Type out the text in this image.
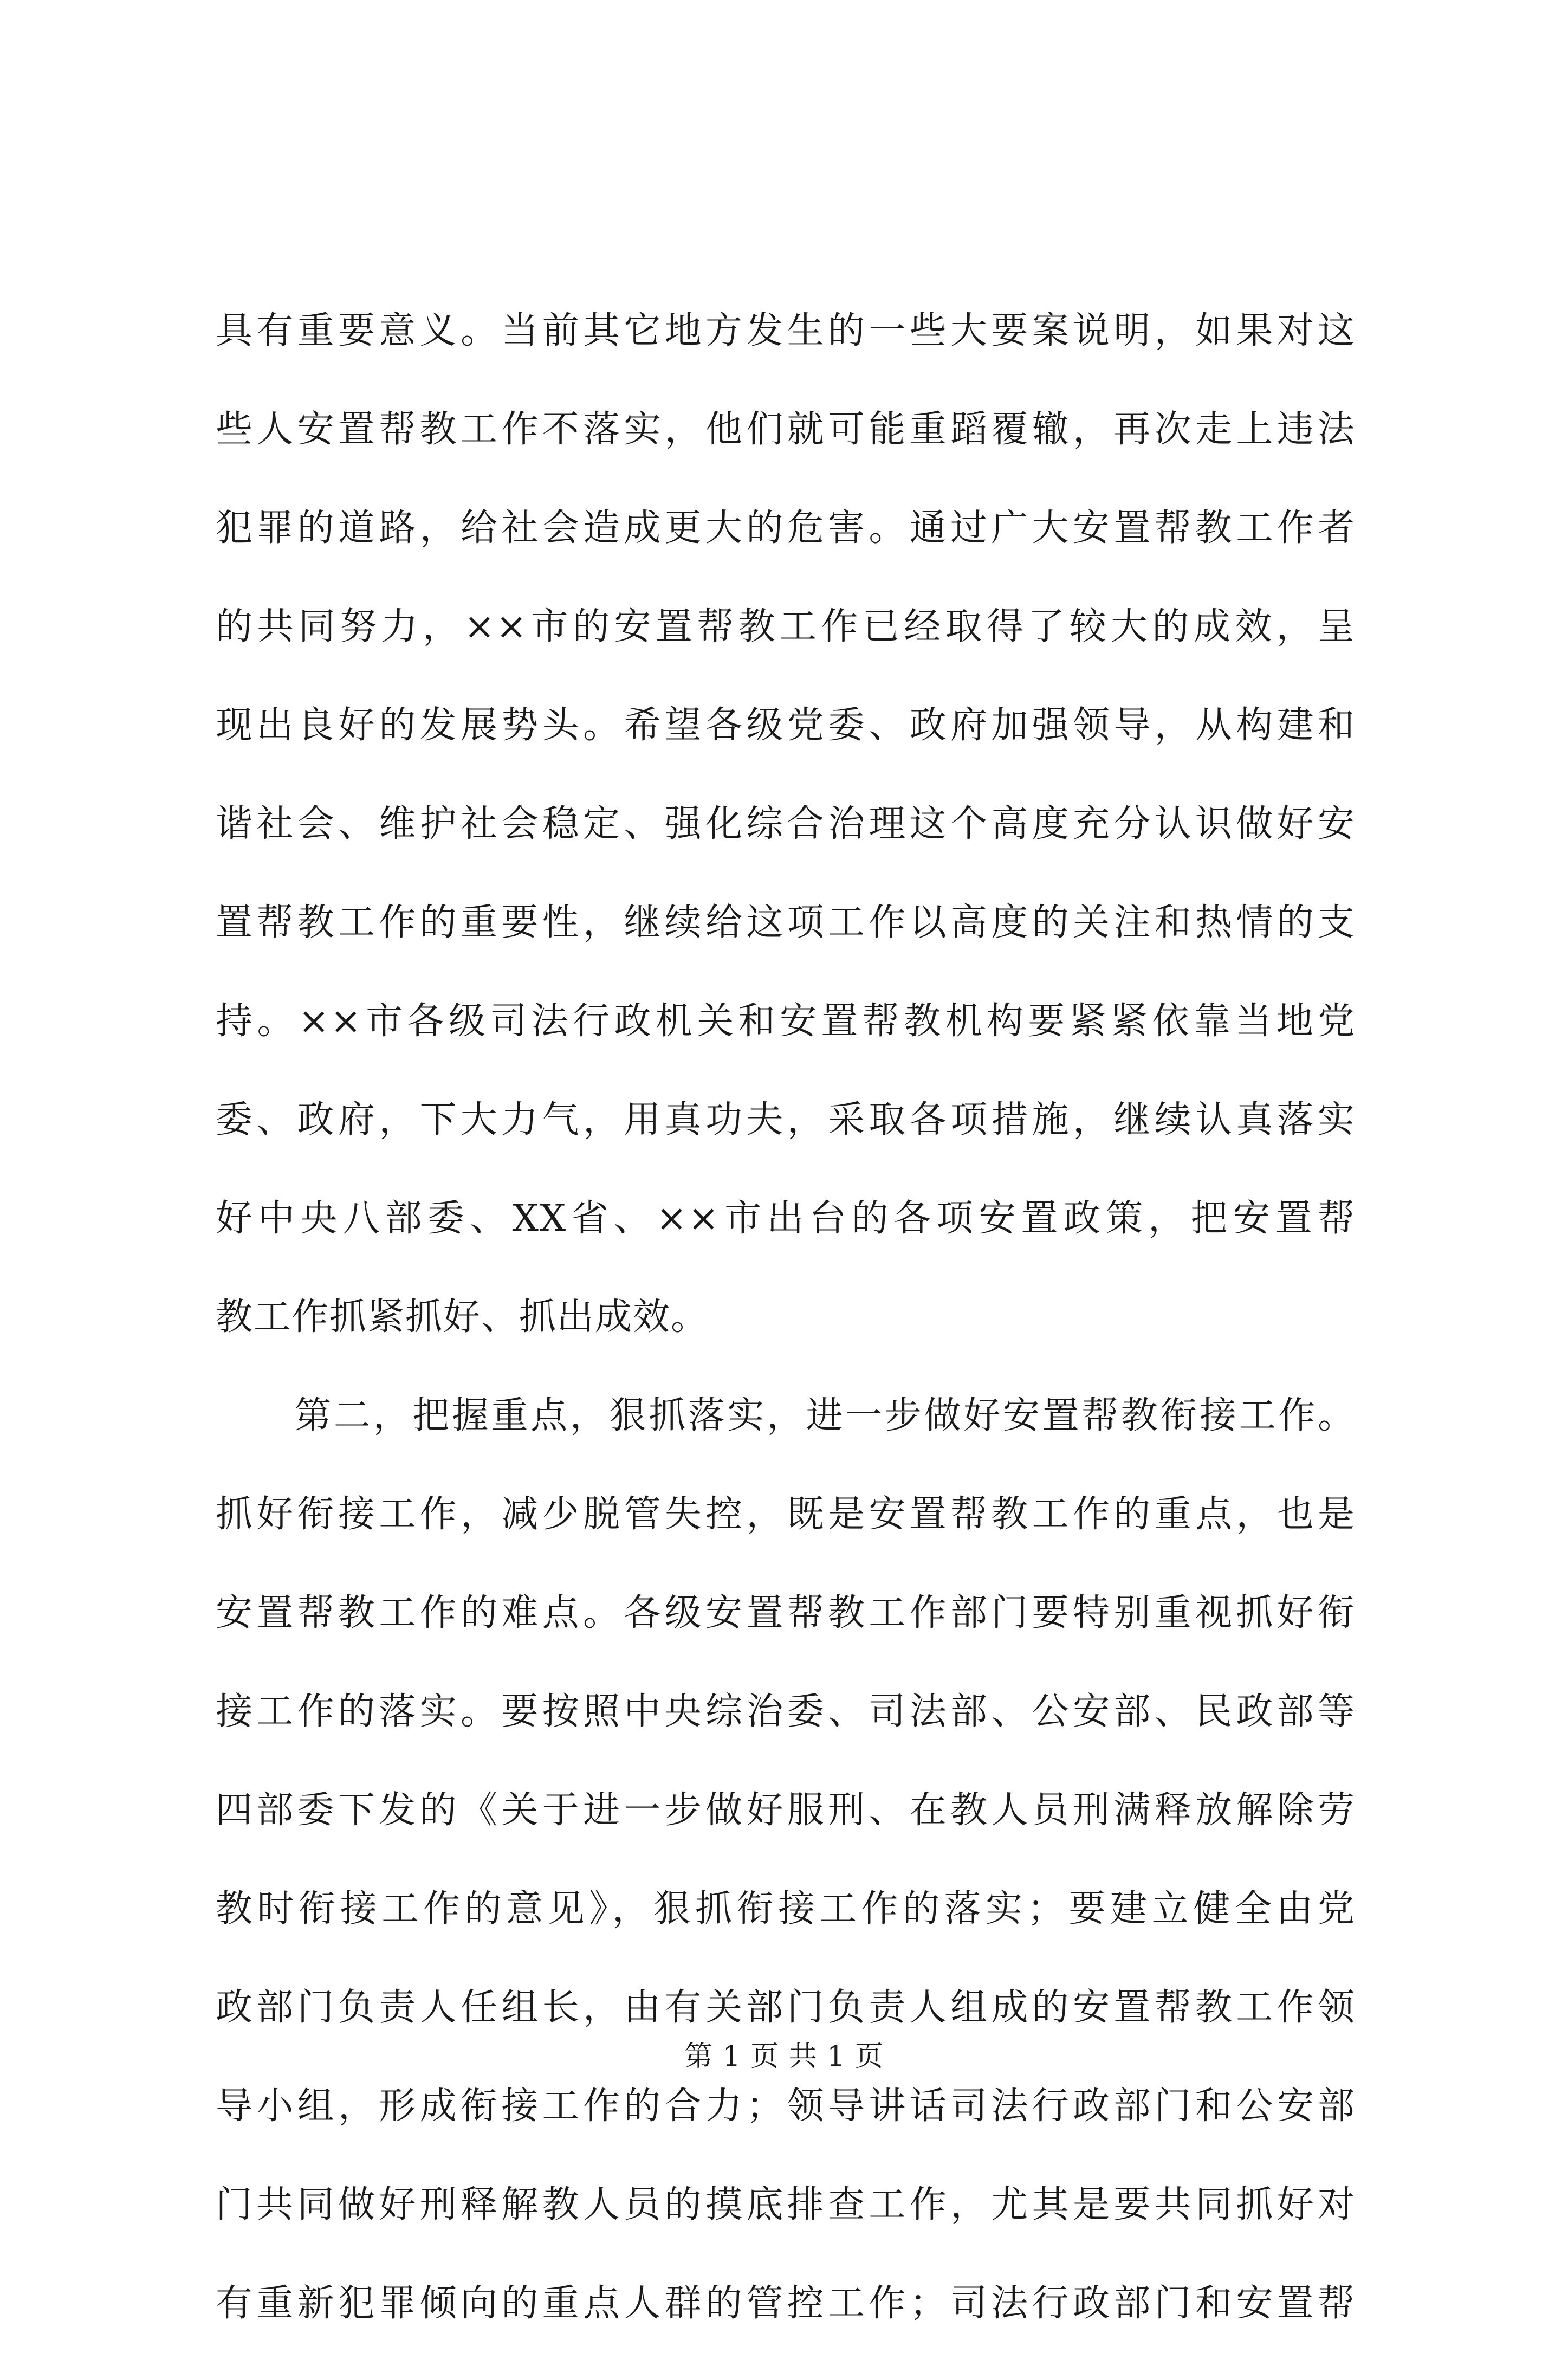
具有重要意义。当前其它地方发生的一些大要案说明，如果对这
些人安置帮教工作不落实，他们就可能重蹈覆辙，再次走上违法
犯罪的道路，给社会造成更大的危害。通过广大安置帮教工作者
的共同努力，××市的安置帮教工作已经取得了较大的成效，呈
现出良好的发展势头。希望各级党委、政府加强领导，从构建和
谐社会、维护社会稳定、强化综合治理这个高度充分认识做好安
置帮教工作的重要性，继续给这项工作以高度的关注和热情的支
持。××市各级司法行政机关和安置帮教机构要紧紧依靠当地党
委、政府，下大力气，用真功夫，采取各项措施，继续认真落实
好中央八部委、XX省、××市出台的各项安置政策，把安置帮
教工作抓紧抓好、抓出成效。
　　第二，把握重点，狠抓落实，进一步做好安置帮教衔接工作。
抓好衔接工作，减少脱管失控，既是安置帮教工作的重点，也是
安置帮教工作的难点。各级安置帮教工作部门要特别重视抓好衔
接工作的落实。要按照中央综治委、司法部、公安部、民政部等
四部委下发的《关于进一步做好服刑、在教人员刑满释放解除劳
教时衔接工作的意见》，狠抓衔接工作的落实；要建立健全由党
政部门负责人任组长，由有关部门负责人组成的安置帮教工作领
导小组，形成衔接工作的合力；领导讲话司法行政部门和公安部
门共同做好刑释解教人员的摸底排查工作，尤其是要共同抓好对
有重新犯罪倾向的重点人群的管控工作；司法行政部门和安置帮
第 1 页 共 1 页
